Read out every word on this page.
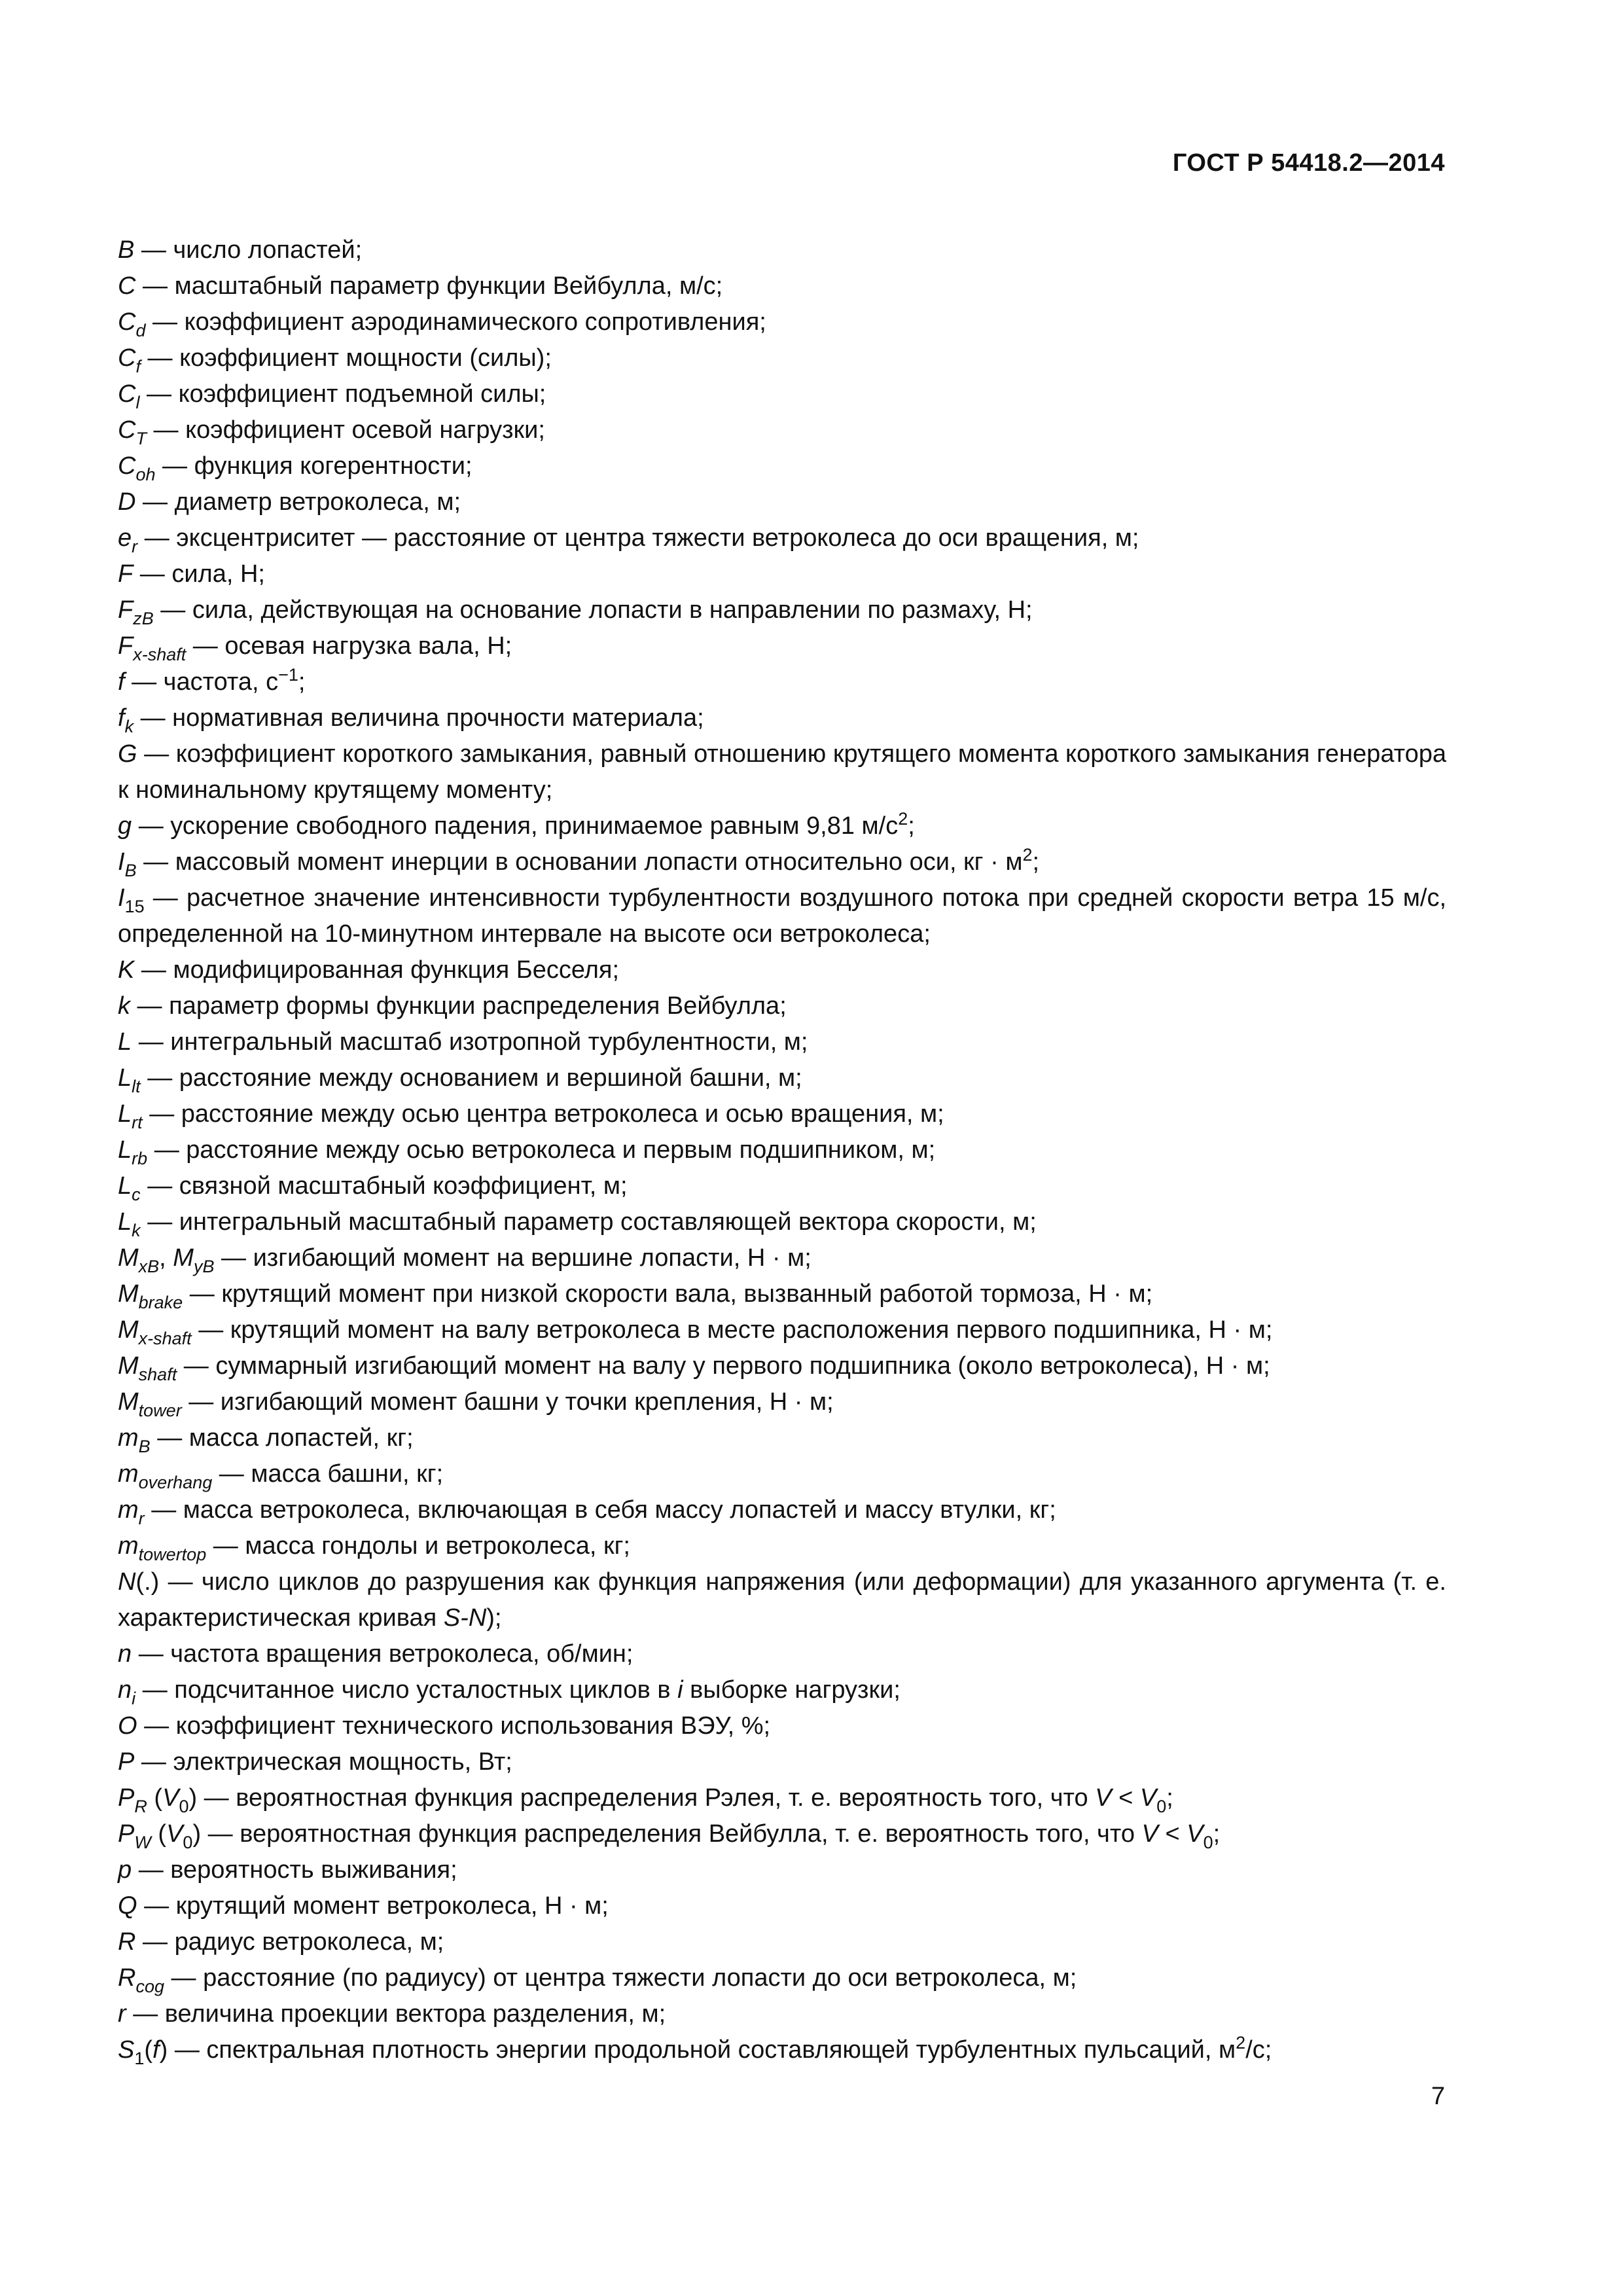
ГОСТ Р 54418.2—2014
B — число лопастей;
C — масштабный параметр функции Вейбулла, м/с;
$C_d$ — коэффициент аэродинамического сопротивления;
$C_f$ — коэффициент мощности (силы);
$C_l$ — коэффициент подъемной силы;
$C_T$ — коэффициент осевой нагрузки;
$C_{oh}$ — функция когерентности;
D — диаметр ветроколеса, м;
$e_r$ — эксцентриситет — расстояние от центра тяжести ветроколеса до оси вращения, м;
F — сила, Н;
$F_{zB}$ — сила, действующая на основание лопасти в направлении по размаху, Н;
$F_{x-shaft}$ — осевая нагрузка вала, Н;
f — частота, $с^{-1}$;
$f_k$ — нормативная величина прочности материала;
G — коэффициент короткого замыкания, равный отношению крутящего момента короткого замыкания генератора к номинальному крутящему моменту;
g — ускорение свободного падения, принимаемое равным 9,81 $м/с^2$;
$I_B$ — массовый момент инерции в основании лопасти относительно оси, кг · $м^2$;
$I_{15}$ — расчетное значение интенсивности турбулентности воздушного потока при средней скорости ветра 15 м/с, определенной на 10-минутном интервале на высоте оси ветроколеса;
K — модифицированная функция Бесселя;
k — параметр формы функции распределения Вейбулла;
L — интегральный масштаб изотропной турбулентности, м;
$L_{lt}$ — расстояние между основанием и вершиной башни, м;
$L_{rt}$ — расстояние между осью центра ветроколеса и осью вращения, м;
$L_{rb}$ — расстояние между осью ветроколеса и первым подшипником, м;
$L_c$ — связной масштабный коэффициент, м;
$L_k$ — интегральный масштабный параметр составляющей вектора скорости, м;
$M_{xB}$, $M_{yB}$ — изгибающий момент на вершине лопасти, Н · м;
$M_{brake}$ — крутящий момент при низкой скорости вала, вызванный работой тормоза, Н · м;
$M_{x-shaft}$ — крутящий момент на валу ветроколеса в месте расположения первого подшипника, Н · м;
$M_{shaft}$ — суммарный изгибающий момент на валу у первого подшипника (около ветроколеса), Н · м;
$M_{tower}$ — изгибающий момент башни у точки крепления, Н · м;
$m_B$ — масса лопастей, кг;
$m_{overhang}$ — масса башни, кг;
$m_r$ — масса ветроколеса, включающая в себя массу лопастей и массу втулки, кг;
$m_{towertop}$ — масса гондолы и ветроколеса, кг;
N(.) — число циклов до разрушения как функция напряжения (или деформации) для указанного аргумента (т. е. характеристическая кривая S-N);
n — частота вращения ветроколеса, об/мин;
$n_i$ — подсчитанное число усталостных циклов в i выборке нагрузки;
O — коэффициент технического использования ВЭУ, %;
P — электрическая мощность, Вт;
$P_R$ $(V_0)$ — вероятностная функция распределения Рэлея, т. е. вероятность того, что $V < V_0$;
$P_W$ $(V_0)$ — вероятностная функция распределения Вейбулла, т. е. вероятность того, что $V < V_0$;
p — вероятность выживания;
Q — крутящий момент ветроколеса, Н · м;
R — радиус ветроколеса, м;
$R_{cog}$ — расстояние (по радиусу) от центра тяжести лопасти до оси ветроколеса, м;
r — величина проекции вектора разделения, м;
$S_1(f)$ — спектральная плотность энергии продольной составляющей турбулентных пульсаций, $м^2/с$;
7
